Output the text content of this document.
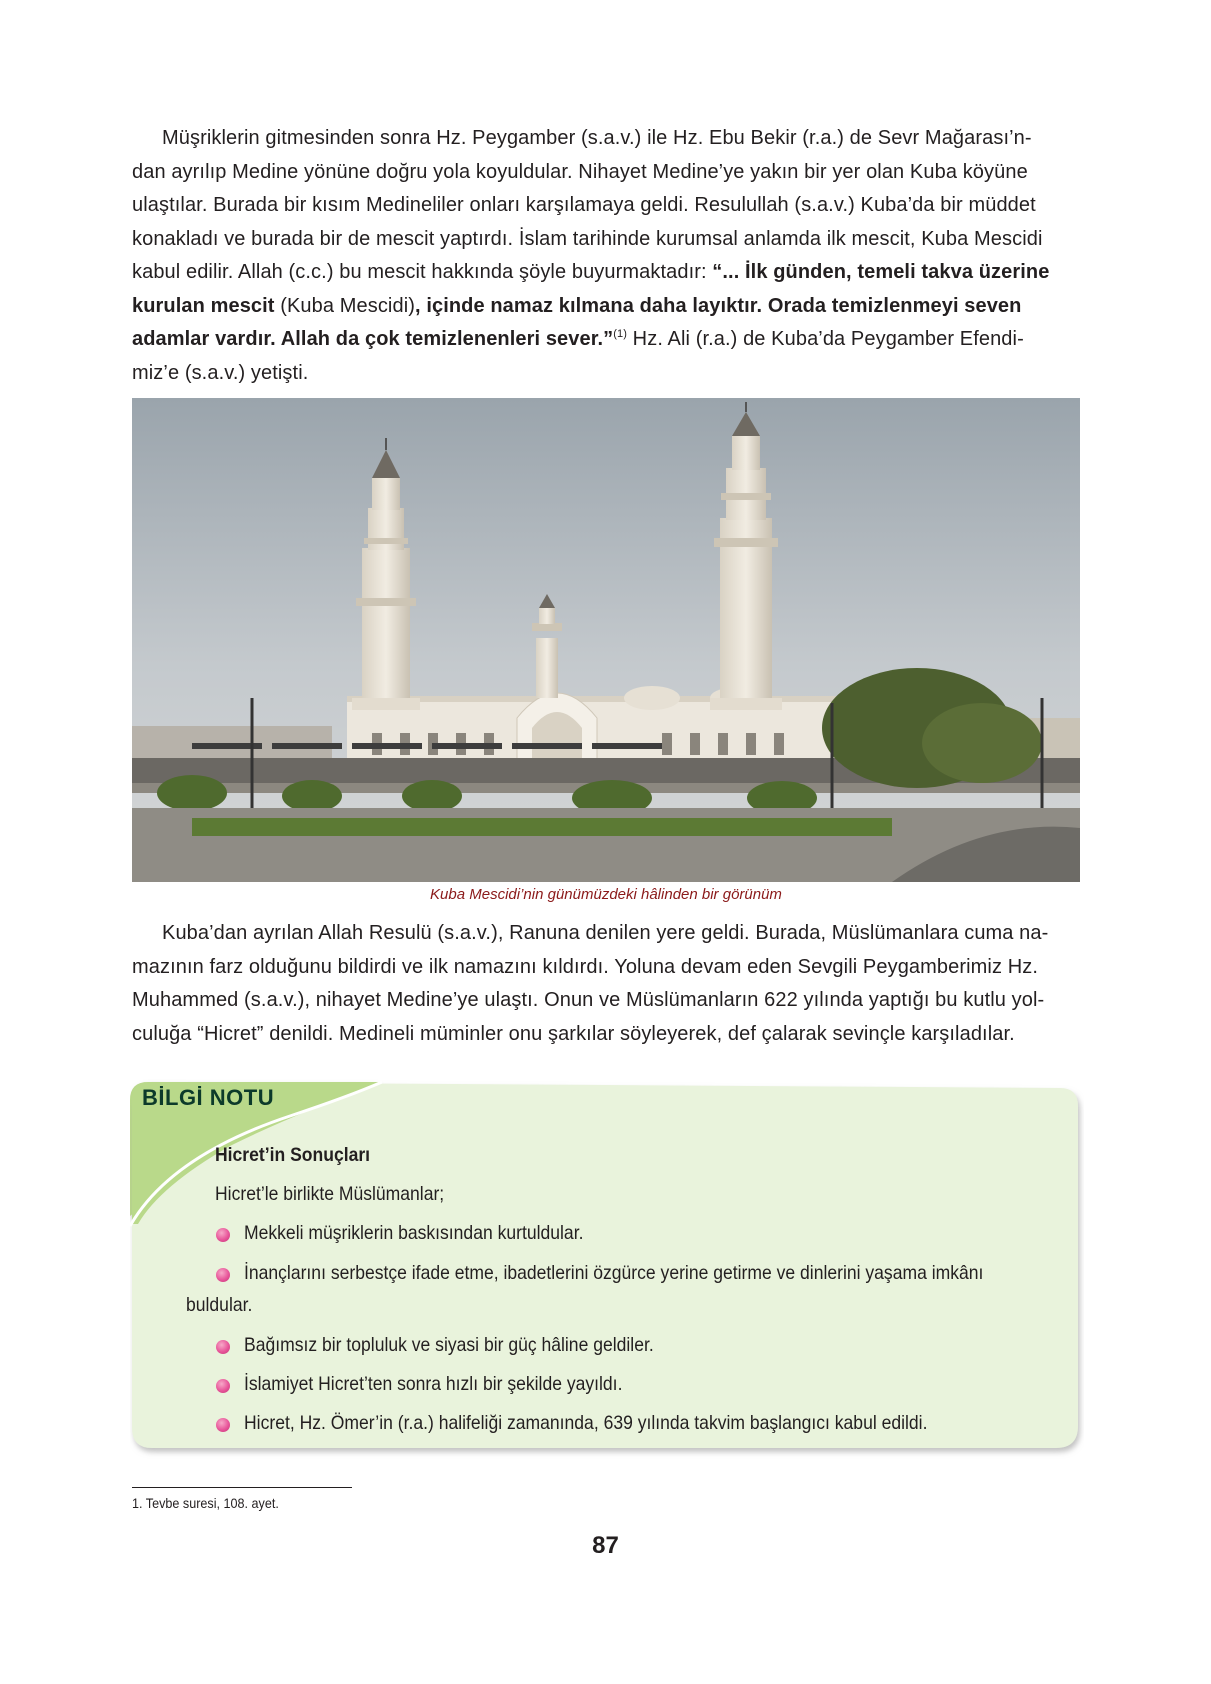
Müşriklerin gitmesinden sonra Hz. Peygamber (s.a.v.) ile Hz. Ebu Bekir (r.a.) de Sevr Mağarası’n-
dan ayrılıp Medine yönüne doğru yola koyuldular. Nihayet Medine’ye yakın bir yer olan Kuba köyüne
ulaştılar. Burada bir kısım Medineliler onları karşılamaya geldi. Resulullah (s.a.v.) Kuba’da bir müddet
konakladı ve burada bir de mescit yaptırdı. İslam tarihinde kurumsal anlamda ilk mescit, Kuba Mescidi
kabul edilir. Allah (c.c.) bu mescit hakkında şöyle buyurmaktadır: “... İlk günden, temeli takva üzerine
kurulan mescit (Kuba Mescidi), içinde namaz kılmana daha layıktır. Orada temizlenmeyi seven
adamlar vardır. Allah da çok temizlenenleri sever.”$^{(1)}$ Hz. Ali (r.a.) de Kuba’da Peygamber Efendi-
miz’e (s.a.v.) yetişti.
Kuba Mescidi’nin günümüzdeki hâlinden bir görünüm
Kuba’dan ayrılan Allah Resulü (s.a.v.), Ranuna denilen yere geldi. Burada, Müslümanlara cuma na-
mazının farz olduğunu bildirdi ve ilk namazını kıldırdı. Yoluna devam eden Sevgili Peygamberimiz Hz.
Muhammed (s.a.v.), nihayet Medine’ye ulaştı. Onun ve Müslümanların 622 yılında yaptığı bu kutlu yol-
culuğa “Hicret” denildi. Medineli müminler onu şarkılar söyleyerek, def çalarak sevinçle karşıladılar.
BİLGİ NOTU
Hicret’in Sonuçları
Hicret’le birlikte Müslümanlar;
Mekkeli müşriklerin baskısından kurtuldular.
İnançlarını serbestçe ifade etme, ibadetlerini özgürce yerine getirme ve dinlerini yaşama imkânı
buldular.
Bağımsız bir topluluk ve siyasi bir güç hâline geldiler.
İslamiyet Hicret’ten sonra hızlı bir şekilde yayıldı.
Hicret, Hz. Ömer’in (r.a.) halifeliği zamanında, 639 yılında takvim başlangıcı kabul edildi.
1. Tevbe suresi, 108. ayet.
87
